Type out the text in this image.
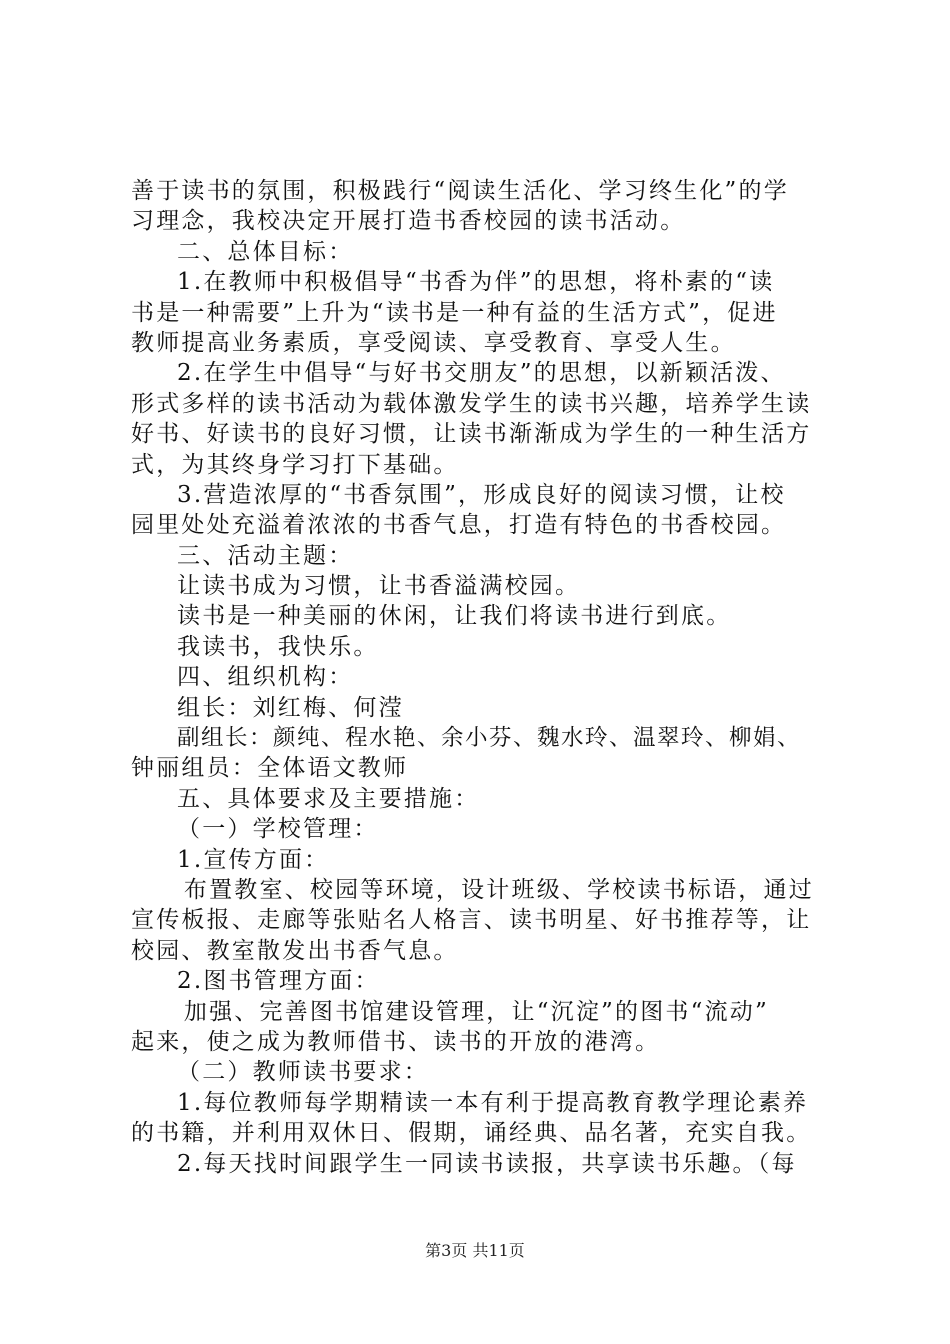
善于读书的氛围，积极践行“阅读生活化、学习终生化”的学
习理念，我校决定开展打造书香校园的读书活动。
二、总体目标：
1.在教师中积极倡导“书香为伴”的思想，将朴素的“读
书是一种需要”上升为“读书是一种有益的生活方式”，促进
教师提高业务素质，享受阅读、享受教育、享受人生。
2.在学生中倡导“与好书交朋友”的思想，以新颖活泼、
形式多样的读书活动为载体激发学生的读书兴趣，培养学生读
好书、好读书的良好习惯，让读书渐渐成为学生的一种生活方
式，为其终身学习打下基础。
3.营造浓厚的“书香氛围”，形成良好的阅读习惯，让校
园里处处充溢着浓浓的书香气息，打造有特色的书香校园。
三、活动主题：
让读书成为习惯，让书香溢满校园。
读书是一种美丽的休闲，让我们将读书进行到底。
我读书，我快乐。
四、组织机构：
组长：刘红梅、何滢
副组长：颜纯、程水艳、余小芬、魏水玲、温翠玲、柳娟、
钟丽组员：全体语文教师
五、具体要求及主要措施：
（一）学校管理：
1.宣传方面：
布置教室、校园等环境，设计班级、学校读书标语，通过
宣传板报、走廊等张贴名人格言、读书明星、好书推荐等，让
校园、教室散发出书香气息。
2.图书管理方面：
加强、完善图书馆建设管理，让“沉淀”的图书“流动”
起来，使之成为教师借书、读书的开放的港湾。
（二）教师读书要求：
1.每位教师每学期精读一本有利于提高教育教学理论素养
的书籍，并利用双休日、假期，诵经典、品名著，充实自我。
2.每天找时间跟学生一同读书读报，共享读书乐趣。（每
第3页 共11页
